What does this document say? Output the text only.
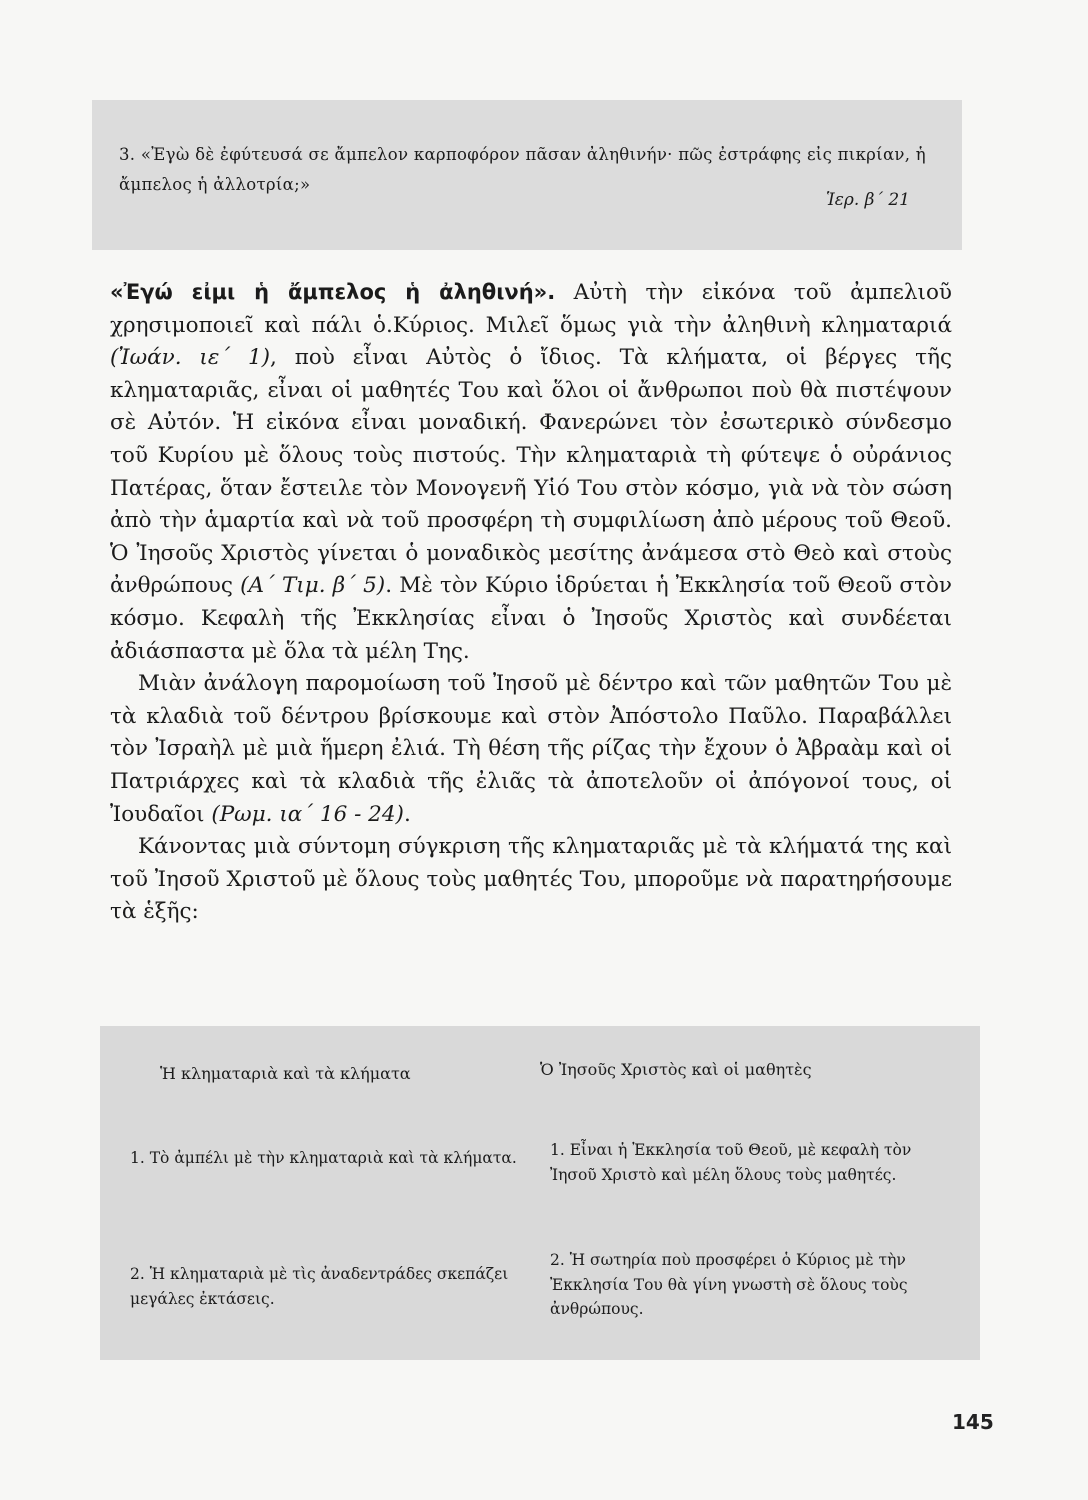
3. «Ἐγὼ δὲ ἐφύτευσά σε ἄμπελον καρποφόρον πᾶσαν ἀληθινήν· πῶς ἐστράφης εἰς πικρίαν, ἡ ἄμπελος ἡ ἀλλοτρία;»
Ἱερ. β΄ 21

«Ἐγώ εἰμι ἡ ἄμπελος ἡ ἀληθινή». Αὐτὴ τὴν εἰκόνα τοῦ ἀμπελιοῦ χρησιμοποιεῖ καὶ πάλι ὁ.Κύριος. Μιλεῖ ὅμως γιὰ τὴν ἀληθινὴ κληματαριά (Ἰωάν. ιε΄ 1), ποὺ εἶναι Αὐτὸς ὁ ἴδιος. Τὰ κλήματα, οἱ βέργες τῆς κληματαριᾶς, εἶναι οἱ μαθητές Του καὶ ὅλοι οἱ ἄνθρωποι ποὺ θὰ πιστέψουν σὲ Αὐτόν. Ἡ εἰκόνα εἶναι μοναδική. Φανερώνει τὸν ἐσωτερικὸ σύνδεσμο τοῦ Κυρίου μὲ ὅλους τοὺς πιστούς. Τὴν κληματαριὰ τὴ φύτεψε ὁ οὐράνιος Πατέρας, ὅταν ἔστειλε τὸν Μονογενῆ Υἱό Του στὸν κόσμο, γιὰ νὰ τὸν σώση ἀπὸ τὴν ἁμαρτία καὶ νὰ τοῦ προσφέρη τὴ συμφιλίωση ἀπὸ μέρους τοῦ Θεοῦ. Ὁ Ἰησοῦς Χριστὸς γίνεται ὁ μοναδικὸς μεσίτης ἀνάμεσα στὸ Θεὸ καὶ στοὺς ἀνθρώπους (Α΄ Τιμ. β΄ 5). Μὲ τὸν Κύριο ἱδρύεται ἡ Ἐκκλησία τοῦ Θεοῦ στὸν κόσμο. Κεφαλὴ τῆς Ἐκκλησίας εἶναι ὁ Ἰησοῦς Χριστὸς καὶ συνδέεται ἀδιάσπαστα μὲ ὅλα τὰ μέλη Της.

Μιὰν ἀνάλογη παρομοίωση τοῦ Ἰησοῦ μὲ δέντρο καὶ τῶν μαθητῶν Του μὲ τὰ κλαδιὰ τοῦ δέντρου βρίσκουμε καὶ στὸν Ἀπόστολο Παῦλο. Παραβάλλει τὸν Ἰσραὴλ μὲ μιὰ ἥμερη ἐλιά. Τὴ θέση τῆς ρίζας τὴν ἔχουν ὁ Ἀβραὰμ καὶ οἱ Πατριάρχες καὶ τὰ κλαδιὰ τῆς ἐλιᾶς τὰ ἀποτελοῦν οἱ ἀπόγονοί τους, οἱ Ἰουδαῖοι (Ρωμ. ια΄ 16 - 24).

Κάνοντας μιὰ σύντομη σύγκριση τῆς κληματαριᾶς μὲ τὰ κλήματά της καὶ τοῦ Ἰησοῦ Χριστοῦ μὲ ὅλους τοὺς μαθητές Του, μποροῦμε νὰ παρατηρήσουμε τὰ ἑξῆς:

Ἡ κληματαριὰ καὶ τὰ κλήματα	Ὁ Ἰησοῦς Χριστὸς καὶ οἱ μαθητὲς
1. Τὸ ἀμπέλι μὲ τὴν κληματαριὰ καὶ τὰ κλήματα. 1. Εἶναι ἡ Ἐκκλησία τοῦ Θεοῦ, μὲ κεφαλὴ τὸν Ἰησοῦ Χριστὸ καὶ μέλη ὅλους τοὺς μαθητές.
2. Ἡ κληματαριὰ μὲ τὶς ἀναδεντράδες σκεπάζει μεγάλες ἐκτάσεις.
2. Ἡ σωτηρία ποὺ προσφέρει ὁ Κύριος μὲ τὴν Ἐκκλησία Του θὰ γίνη γνωστὴ σὲ ὅλους τοὺς ἀνθρώπους.
145
